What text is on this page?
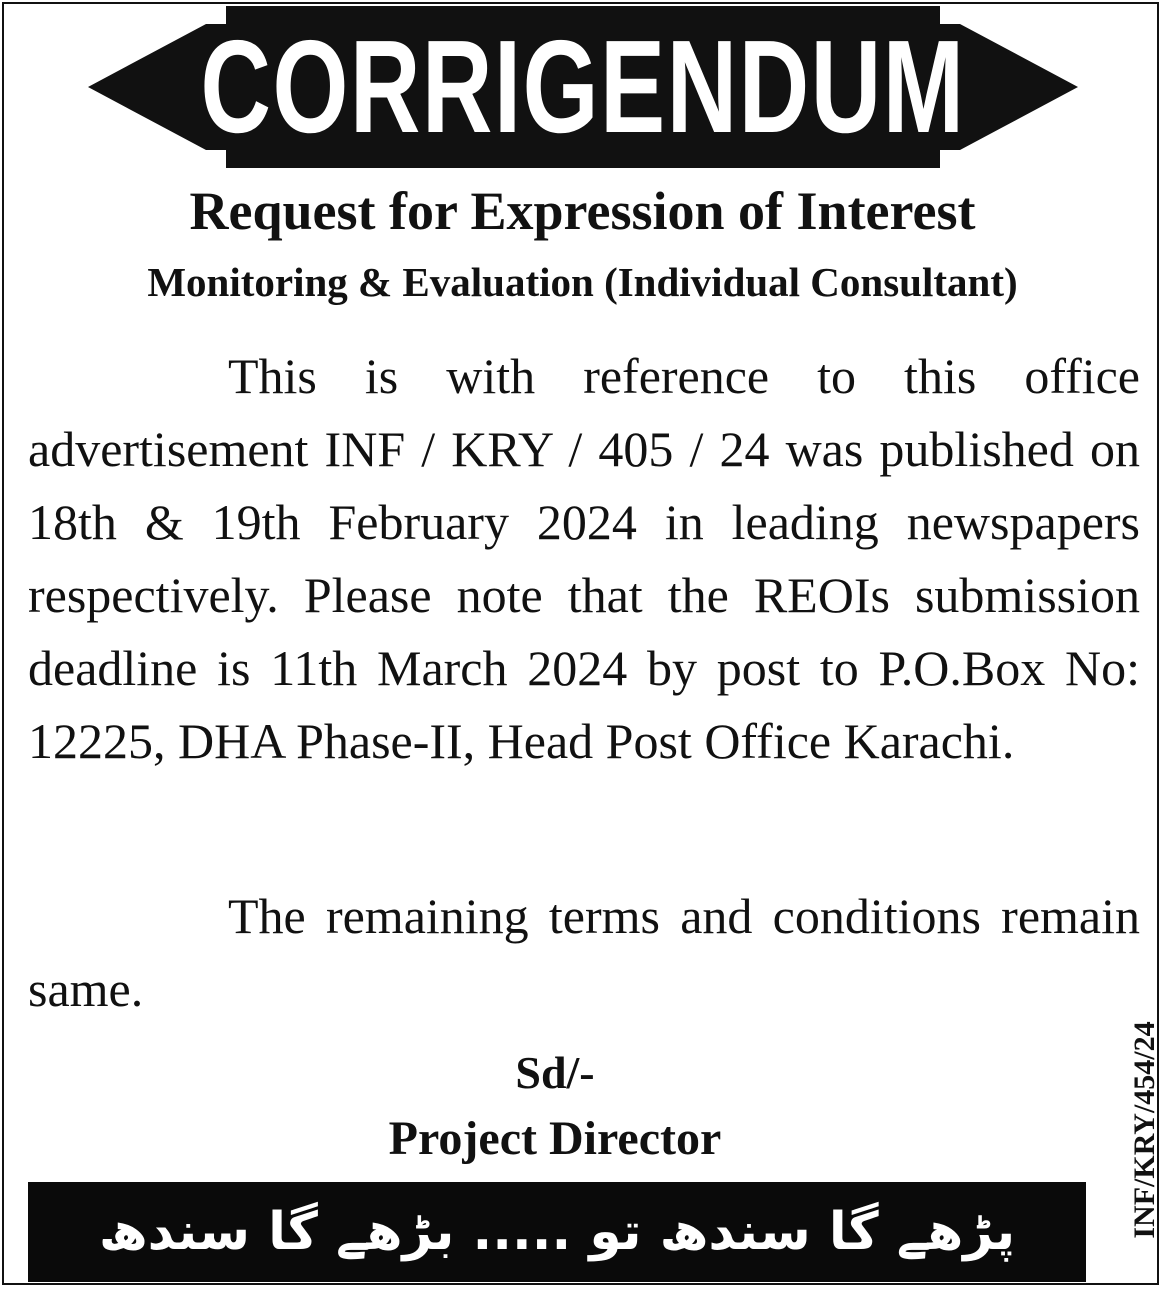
CORRIGENDUM
Request for Expression of Interest
Monitoring & Evaluation (Individual Consultant)
This is with reference to this office advertisement INF / KRY / 405 / 24 was published on 18th & 19th February 2024 in leading newspapers respectively. Please note that the REOIs submission deadline is 11th March 2024 by post to P.O.Box No: 12225, DHA Phase-II, Head Post Office Karachi.
The remaining terms and conditions remain same.
Sd/-
Project Director
پڑھے گا سندھ تو ..... بڑھے گا سندھ	INF/KRY/454/24
